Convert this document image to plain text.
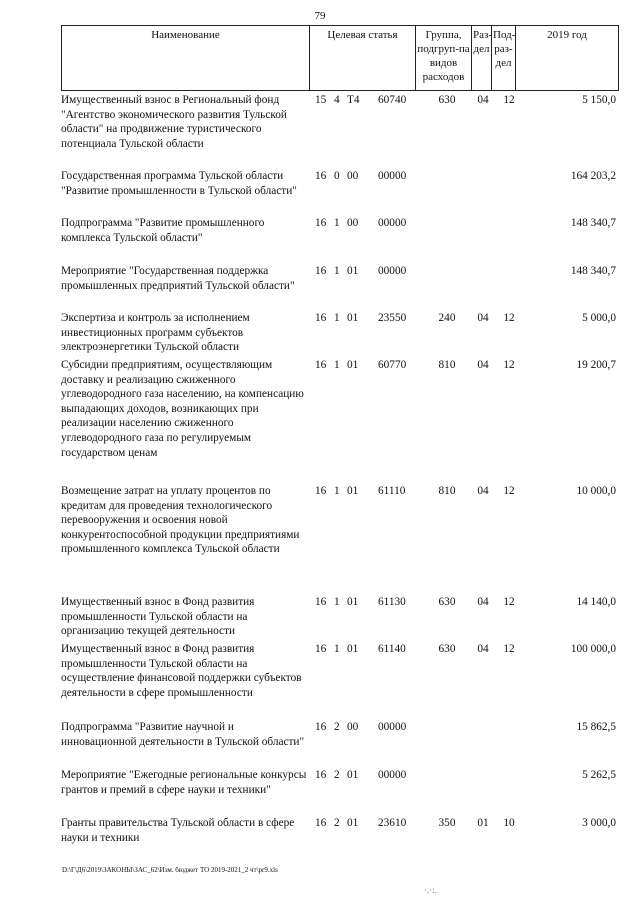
79
Наименование	Целевая статья	Группа, подгруп-па видов расходов	Раз-дел	Под-раз-дел	2019 год
Имущественный взнос в Региональный фонд "Агентство экономического развития Тульской области" на продвижение туристического потенциала Тульской области
15 4 Т4 60740	630	04	12	5 150,0
Государственная программа Тульской области "Развитие промышленности в Тульской области"
16 0 00 00000	164 203,2
Подпрограмма "Развитие промышленного комплекса Тульской области"
16 1 00 00000	148 340,7
Мероприятие "Государственная поддержка промышленных предприятий Тульской области"
16 1 01 00000	148 340,7
Экспертиза и контроль за исполнением инвестиционных программ субъектов электроэнергетики Тульской области
16 1 01 23550	240	04	12	5 000,0
Субсидии предприятиям, осуществляющим доставку и реализацию сжиженного углеводородного газа населению, на компенсацию выпадающих доходов, возникающих при реализации населению сжиженного углеводородного газа по регулируемым государством ценам
16 1 01 60770	810	04	12	19 200,7
Возмещение затрат на уплату процентов по кредитам для проведения технологического перевооружения и освоения новой конкурентоспособной продукции предприятиями промышленного комплекса Тульской области
16 1 01 61110	810	04	12	10 000,0
Имущественный взнос в Фонд развития промышленности Тульской области на организацию текущей деятельности
16 1 01 61130	630	04	12	14 140,0
Имущественный взнос в Фонд развития промышленности Тульской области на осуществление финансовой поддержки субъектов деятельности в сфере промышленности
16 1 01 61140	630	04	12	100 000,0
Подпрограмма "Развитие научной и инновационной деятельности в Тульской области"
16 2 00 00000	15 862,5
Мероприятие "Ежегодные региональные конкурсы грантов и премий в сфере науки и техники"
16 2 01 00000	5 262,5
Гранты правительства Тульской области в сфере науки и техники
16 2 01 23610	350	01	10	3 000,0
D:\Г\Д6\2019\ЗАКОНЫ\ЗАС_62\Изм. бюджет ТО 2019-2021_2 чт\pr9.xls
·.·:.
